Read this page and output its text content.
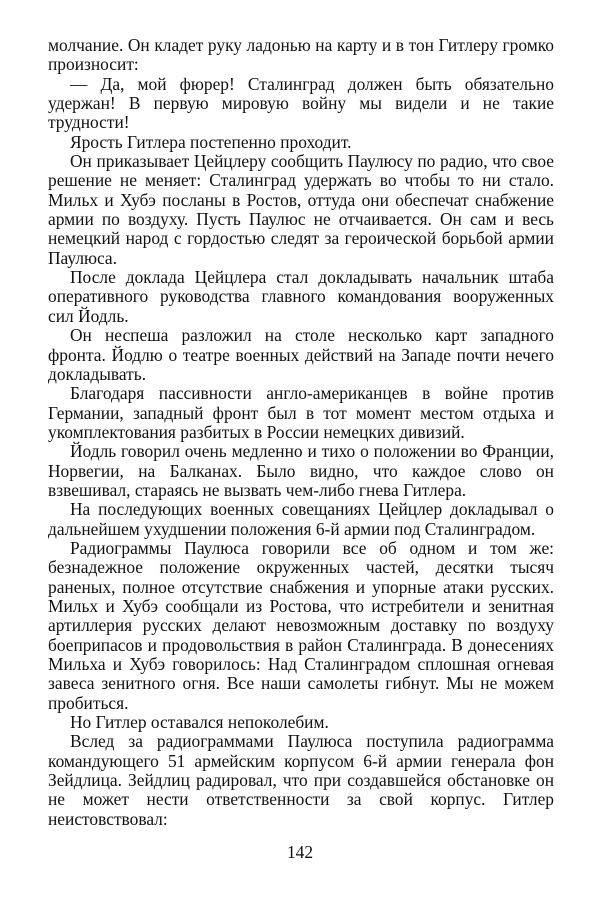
молчание. Он кладет руку ладонью на карту и в тон Гитлеру громко произносит:

— Да, мой фюрер! Сталинград должен быть обязательно удержан! В первую мировую войну мы видели и не такие трудности!

Ярость Гитлера постепенно проходит.

Он приказывает Цейцлеру сообщить Паулюсу по радио, что свое решение не меняет: Сталинград удержать во чтобы то ни стало. Мильх и Хубэ посланы в Ростов, оттуда они обеспечат снабжение армии по воздуху. Пусть Паулюс не отчаивается. Он сам и весь немецкий народ с гордостью следят за героической борьбой армии Паулюса.

После доклада Цейцлера стал докладывать начальник штаба оперативного руководства главного командования вооруженных сил Йодль.

Он неспеша разложил на столе несколько карт западного фронта. Йодлю о театре военных действий на Западе почти нечего докладывать.

Благодаря пассивности англо-американцев в войне против Германии, западный фронт был в тот момент местом отдыха и укомплектования разбитых в России немецких дивизий.

Йодль говорил очень медленно и тихо о положении во Франции, Норвегии, на Балканах. Было видно, что каждое слово он взвешивал, стараясь не вызвать чем-либо гнева Гитлера.

На последующих военных совещаниях Цейцлер докладывал о дальнейшем ухудшении положения 6-й армии под Сталинградом.

Радиограммы Паулюса говорили все об одном и том же: безнадежное положение окруженных частей, десятки тысяч раненых, полное отсутствие снабжения и упорные атаки русских. Мильх и Хубэ сообщали из Ростова, что истребители и зенитная артиллерия русских делают невозможным доставку по воздуху боеприпасов и продовольствия в район Сталинграда. В донесениях Мильха и Хубэ говорилось: Над Сталинградом сплошная огневая завеса зенитного огня. Все наши самолеты гибнут. Мы не можем пробиться.

Но Гитлер оставался непоколебим.

Вслед за радиограммами Паулюса поступила радиограмма командующего 51 армейским корпусом 6-й армии генерала фон Зейдлица. Зейдлиц радировал, что при создавшейся обстановке он не может нести ответственности за свой корпус. Гитлер неистовствовал:

142
